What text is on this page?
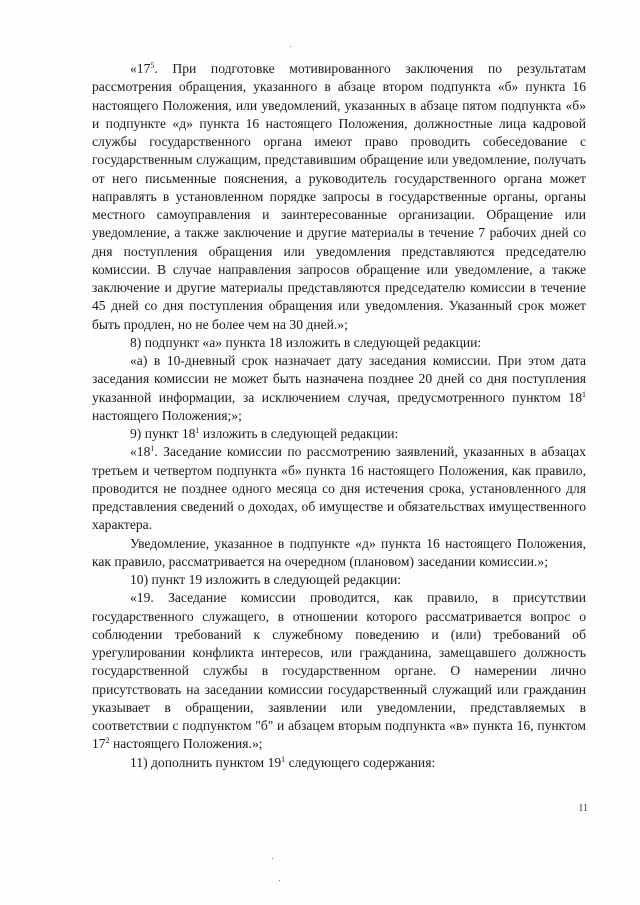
«$17^5$. При подготовке мотивированного заключения по результатам рассмотрения обращения, указанного в абзаце втором подпункта «б» пункта 16 настоящего Положения, или уведомлений, указанных в абзаце пятом подпункта «б» и подпункте «д» пункта 16 настоящего Положения, должностные лица кадровой службы государственного органа имеют право проводить собеседование с государственным служащим, представившим обращение или уведомление, получать от него письменные пояснения, а руководитель государственного органа может направлять в установленном порядке запросы в государственные органы, органы местного самоуправления и заинтересованные организации. Обращение или уведомление, а также заключение и другие материалы в течение 7 рабочих дней со дня поступления обращения или уведомления представляются председателю комиссии. В случае направления запросов обращение или уведомление, а также заключение и другие материалы представляются председателю комиссии в течение 45 дней со дня поступления обращения или уведомления. Указанный срок может быть продлен, но не более чем на 30 дней.»;

8) подпункт «а» пункта 18 изложить в следующей редакции:

«а) в 10-дневный срок назначает дату заседания комиссии. При этом дата заседания комиссии не может быть назначена позднее 20 дней со дня поступления указанной информации, за исключением случая, предусмотренного пунктом $18^1$ настоящего Положения;»;

9) пункт $18^1$ изложить в следующей редакции:

«$18^1$. Заседание комиссии по рассмотрению заявлений, указанных в абзацах третьем и четвертом подпункта «б» пункта 16 настоящего Положения, как правило, проводится не позднее одного месяца со дня истечения срока, установленного для представления сведений о доходах, об имуществе и обязательствах имущественного характера.

Уведомление, указанное в подпункте «д» пункта 16 настоящего Положения, как правило, рассматривается на очередном (плановом) заседании комиссии.»;

10) пункт 19 изложить в следующей редакции:

«19. Заседание комиссии проводится, как правило, в присутствии государственного служащего, в отношении которого рассматривается вопрос о соблюдении требований к служебному поведению и (или) требований об урегулировании конфликта интересов, или гражданина, замещавшего должность государственной службы в государственном органе. О намерении лично присутствовать на заседании комиссии государственный служащий или гражданин указывает в обращении, заявлении или уведомлении, представляемых в соответствии с подпунктом "б" и абзацем вторым подпункта «в» пункта 16, пунктом $17^2$ настоящего Положения.»;

11) дополнить пунктом $19^1$ следующего содержания:

11
